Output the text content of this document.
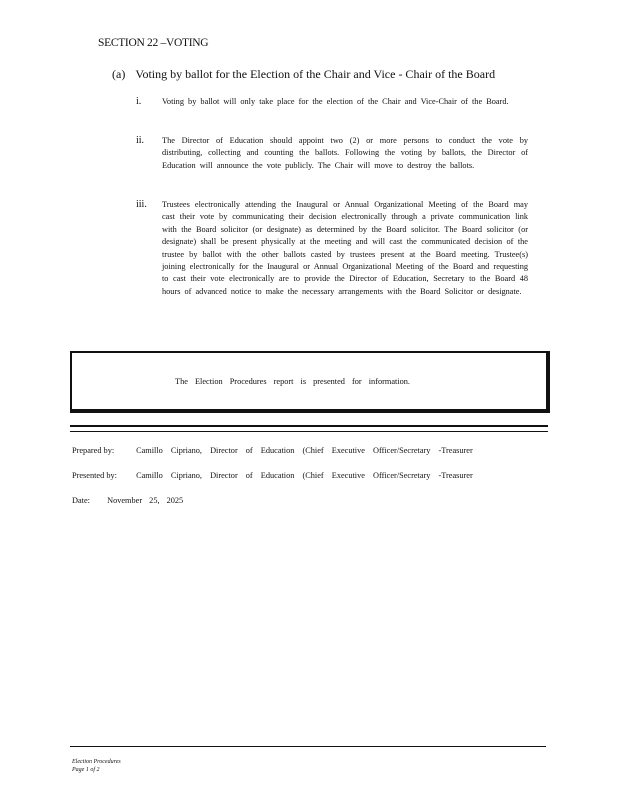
SECTION 22 –VOTING
(a) Voting by ballot for the Election of the Chair and Vice - Chair of the Board
i.	Voting by ballot will only take place for the election of the Chair and Vice-Chair of the Board.
ii.	The Director of Education should appoint two (2) or more persons to conduct the vote by distributing, collecting and counting the ballots. Following the voting by ballots, the Director of Education will announce the vote publicly. The Chair will move to destroy the ballots.
iii.	Trustees electronically attending the Inaugural or Annual Organizational Meeting of the Board may cast their vote by communicating their decision electronically through a private communication link with the Board solicitor (or designate) as determined by the Board solicitor. The Board solicitor (or designate) shall be present physically at the meeting and will cast the communicated decision of the trustee by ballot with the other ballots casted by trustees present at the Board meeting. Trustee(s) joining electronically for the Inaugural or Annual Organizational Meeting of the Board and requesting to cast their vote electronically are to provide the Director of Education, Secretary to the Board 48 hours of advanced notice to make the necessary arrangements with the Board Solicitor or designate.
The Election Procedures report is presented for information.
Prepared by:	Camillo Cipriano, Director of Education (Chief Executive Officer/Secretary -Treasurer
Presented by: Camillo Cipriano, Director of Education (Chief Executive Officer/Secretary -Treasurer
Date: November 25, 2025
Election Procedures
Page 1 of 2
